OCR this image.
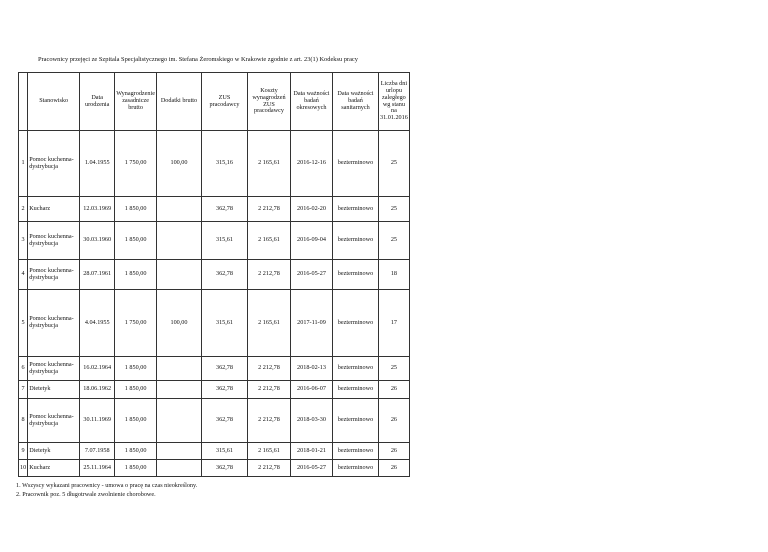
Pracownicy przejęci ze Szpitala Specjalistycznego im. Stefana Żeromskiego w Krakowie zgodnie z art. 23(1) Kodeksu pracy
	Stanowisko	Data urodzenia	Wynagrodzenie zasadnicze brutto	Dodatki brutto	ZUS pracodawcy	Koszty wynagrodzeń ZUS pracodawcy	Data ważności badań okresowych	Data ważności badań sanitarnych	Liczba dni urlopu zaległego wg stanu na 31.01.2016
1	Pomoc kuchenna-dystrybucja	1.04.1955	1 750,00	100,00	315,16	2 165,61	2016-12-16	bezterminowo	25
2	Kucharz	12.03.1969	1 850,00		362,78	2 212,78	2016-02-20	bezterminowo	25
3	Pomoc kuchenna-dystrybucja	30.03.1960	1 850,00		315,61	2 165,61	2016-09-04	bezterminowo	25
4	Pomoc kuchenna-dystrybucja	28.07.1961	1 850,00		362,78	2 212,78	2016-05-27	bezterminowo	18
5	Pomoc kuchenna-dystrybucja	4.04.1955	1 750,00	100,00	315,61	2 165,61	2017-11-09	bezterminowo	17
6	Pomoc kuchenna-dystrybucja	16.02.1964	1 850,00		362,78	2 212,78	2018-02-13	bezterminowo	25
7	Dietetyk	18.06.1962	1 850,00		362,78	2 212,78	2016-06-07	bezterminowo	26
8	Pomoc kuchenna-dystrybucja	30.11.1969	1 850,00		362,78	2 212,78	2018-03-30	bezterminowo	26
9	Dietetyk	7.07.1958	1 850,00		315,61	2 165,61	2018-01-21	bezterminowo	26
10	Kucharz	25.11.1964	1 850,00		362,78	2 212,78	2016-05-27	bezterminowo	26
1. Wszyscy wykazani pracownicy - umowa o pracę na czas nieokreślony.
2. Pracownik poz. 5 długotrwale zwolnienie chorobowe.
